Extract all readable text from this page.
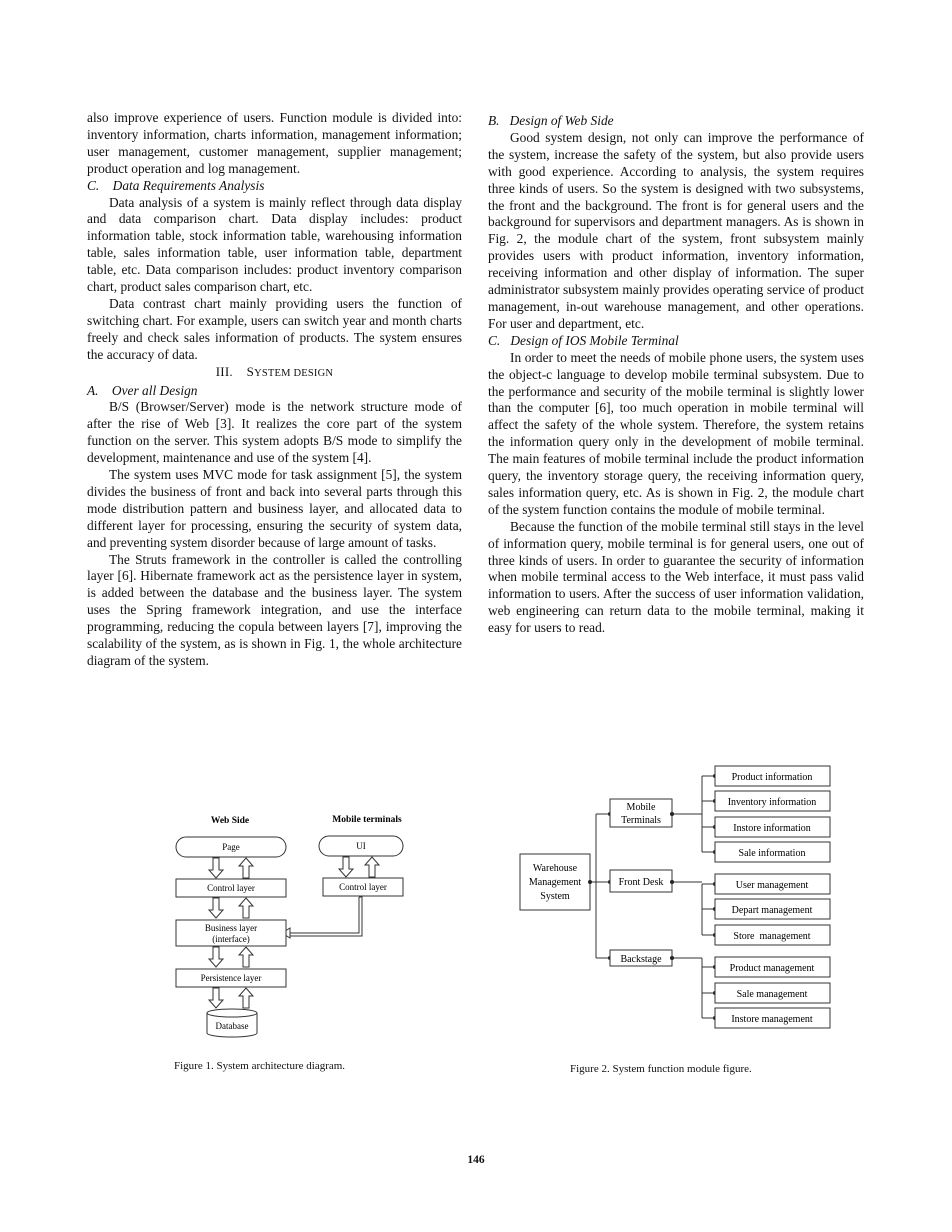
also improve experience of users. Function module is divided into: inventory information, charts information, management information; user management, customer management, supplier management; product operation and log management.

C. Data Requirements Analysis

Data analysis of a system is mainly reflect through data display and data comparison chart. Data display includes: product information table, stock information table, warehousing information table, sales information table, user information table, department table, etc. Data comparison includes: product inventory comparison chart, product sales comparison chart, etc.

Data contrast chart mainly providing users the function of switching chart. For example, users can switch year and month charts freely and check sales information of products. The system ensures the accuracy of data.

III. SYSTEM DESIGN

A. Over all Design

B/S (Browser/Server) mode is the network structure mode of after the rise of Web [3]. It realizes the core part of the system function on the server. This system adopts B/S mode to simplify the development, maintenance and use of the system [4].

The system uses MVC mode for task assignment [5], the system divides the business of front and back into several parts through this mode distribution pattern and business layer, and allocated data to different layer for processing, ensuring the security of system data, and preventing system disorder because of large amount of tasks.

The Struts framework in the controller is called the controlling layer [6]. Hibernate framework act as the persistence layer in system, is added between the database and the business layer. The system uses the Spring framework integration, and use the interface programming, reducing the copula between layers [7], improving the scalability of the system, as is shown in Fig. 1, the whole architecture diagram of the system.

B. Design of Web Side

Good system design, not only can improve the performance of the system, increase the safety of the system, but also provide users with good experience. According to analysis, the system requires three kinds of users. So the system is designed with two subsystems, the front and the background. The front is for general users and the background for supervisors and department managers. As is shown in Fig. 2, the module chart of the system, front subsystem mainly provides users with product information, inventory information, receiving information and other display of information. The super administrator subsystem mainly provides operating service of product management, in-out warehouse management, and other operations. For user and department, etc.

C. Design of IOS Mobile Terminal

In order to meet the needs of mobile phone users, the system uses the object-c language to develop mobile terminal subsystem. Due to the performance and security of the mobile terminal is slightly lower than the computer [6], too much operation in mobile terminal will affect the safety of the whole system. Therefore, the system retains the information query only in the development of mobile terminal. The main features of mobile terminal include the product information query, the inventory storage query, the receiving information query, sales information query, etc. As is shown in Fig. 2, the module chart of the system function contains the module of mobile terminal.

Because the function of the mobile terminal still stays in the level of information query, mobile terminal is for general users, one out of three kinds of users. In order to guarantee the security of information when mobile terminal access to the Web interface, it must pass valid information to users. After the success of user information validation, web engineering can return data to the mobile terminal, making it easy for users to read.

Web Side	Mobile terminals
Page	UI
Control layer	Control layer
Business layer
(interface)
Persistence layer
Database
Figure 1. System architecture diagram.
Warehouse
Management
System
Mobile
Terminals
Front Desk
Backstage
Product information
Inventory information
Instore information
Sale information
User management
Depart management
Store  management
Product management
Sale management
Instore management
Figure 2. System function module figure.
146
